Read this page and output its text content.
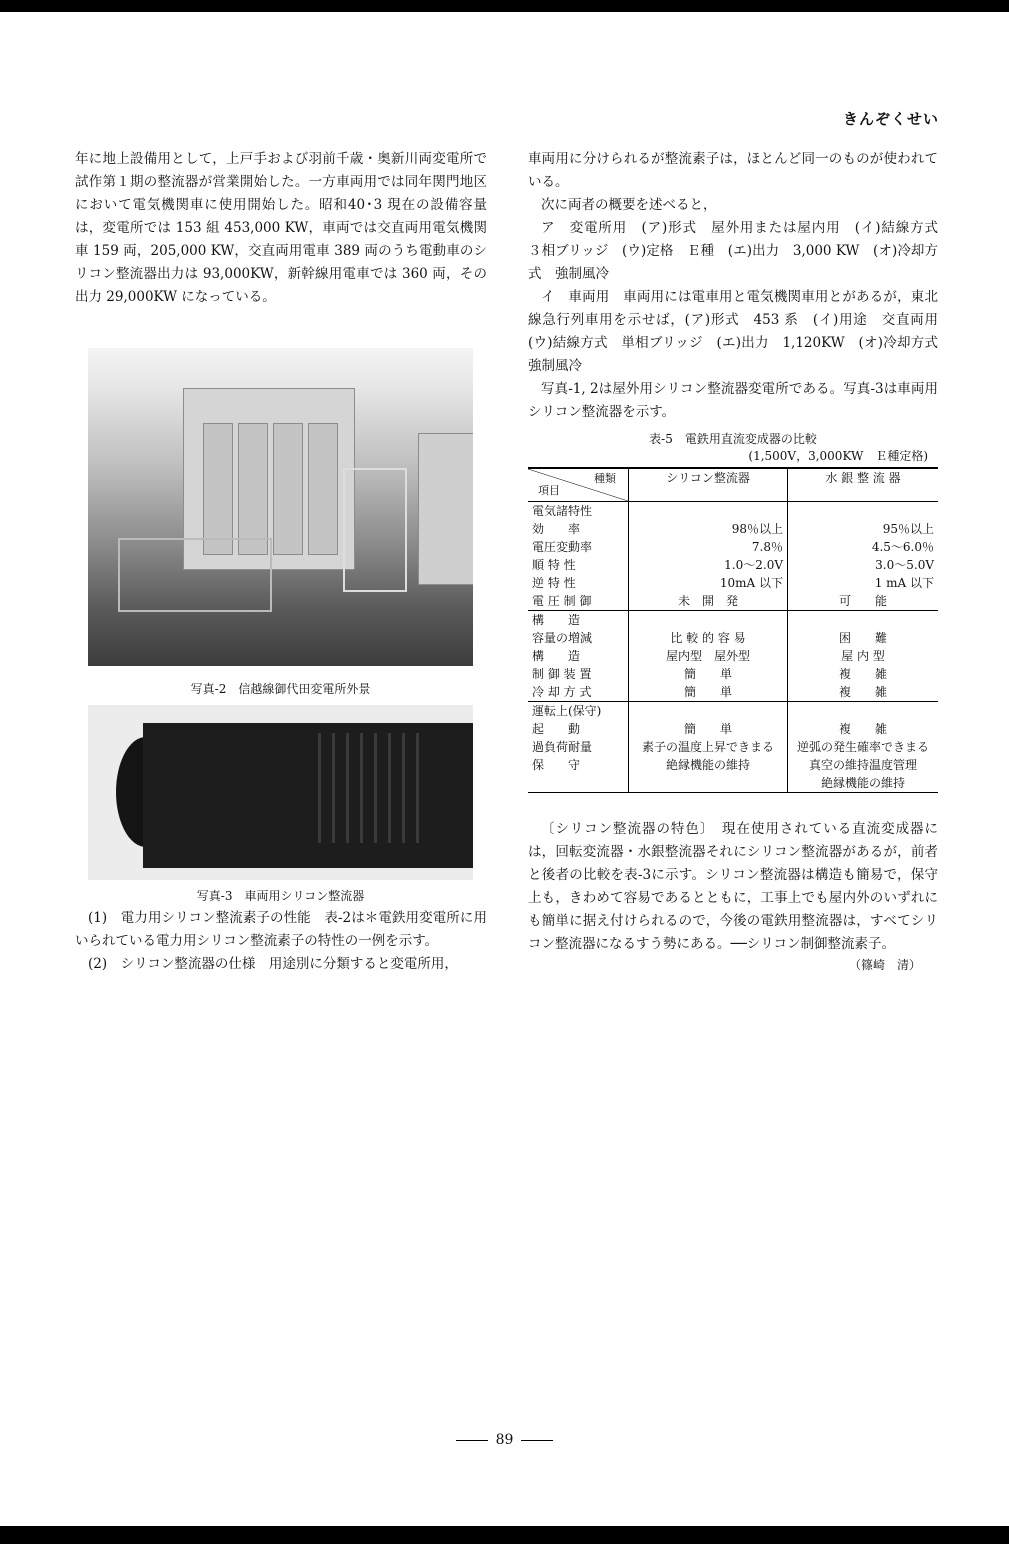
きんぞくせい

年に地上設備用として，上戸手および羽前千歳・奥新川両変電所で試作第１期の整流器が営業開始した。一方車両用では同年関門地区において電気機関車に使用開始した。昭和40･3 現在の設備容量は，変電所では 153 組 453,000 KW，車両では交直両用電気機関車 159 両，205,000 KW，交直両用電車 389 両のうち電動車のシリコン整流器出力は 93,000KW，新幹線用電車では 360 両，その出力 29,000KW になっている。

写真-2　信越線御代田変電所外景
写真-3　車両用シリコン整流器

(1)　電力用シリコン整流素子の性能　表-2は＊電鉄用変電所に用いられている電力用シリコン整流素子の特性の一例を示す。

(2)　シリコン整流器の仕様　用途別に分類すると変電所用，

車両用に分けられるが整流素子は，ほとんど同一のものが使われている。

次に両者の概要を述べると，

ア　変電所用　(ア)形式　屋外用または屋内用　(イ)結線方式　３相ブリッジ　(ウ)定格　Ｅ種　(エ)出力　3,000 KW　(オ)冷却方式　強制風冷

イ　車両用　車両用には電車用と電気機関車用とがあるが，東北線急行列車用を示せば，(ア)形式　453 系　(イ)用途　交直両用　(ウ)結線方式　単相ブリッジ　(エ)出力　1,120KW　(オ)冷却方式　強制風冷

写真-1, 2は屋外用シリコン整流器変電所である。写真-3は車両用シリコン整流器を示す。

表-5　電鉄用直流変成器の比較
(1,500V，3,000KW　Ｅ種定格)
種類
項目	シリコン整流器	水 銀 整 流 器
電気諸特性		
効　　率	98％以上	95％以上
電圧変動率	7.8％	4.5～6.0％
順 特 性	1.0～2.0V	3.0～5.0V
逆 特 性	10mA 以下	1 mA 以下
電 圧 制 御	未　開　発	可　　能
構　　造		
容量の増減	比 較 的 容 易	困　　難
構　　造	屋内型　屋外型	屋 内 型
制 御 装 置	簡　　単	複　　雑
冷 却 方 式	簡　　単	複　　雑
運転上(保守)		
起　　動	簡　　単	複　　雑
過負荷耐量	素子の温度上昇できまる	逆弧の発生確率できまる
保　　守	絶縁機能の維持	真空の維持温度管理
		絶縁機能の維持

〔シリコン整流器の特色〕　現在使用されている直流変成器には，回転変流器・水銀整流器それにシリコン整流器があるが，前者と後者の比較を表-3に示す。シリコン整流器は構造も簡易で，保守上も，きわめて容易であるとともに，工事上でも屋内外のいずれにも簡単に据え付けられるので，今後の電鉄用整流器は，すべてシリコン整流器になるすう勢にある。──シリコン制御整流素子。

（篠崎　清）
89
